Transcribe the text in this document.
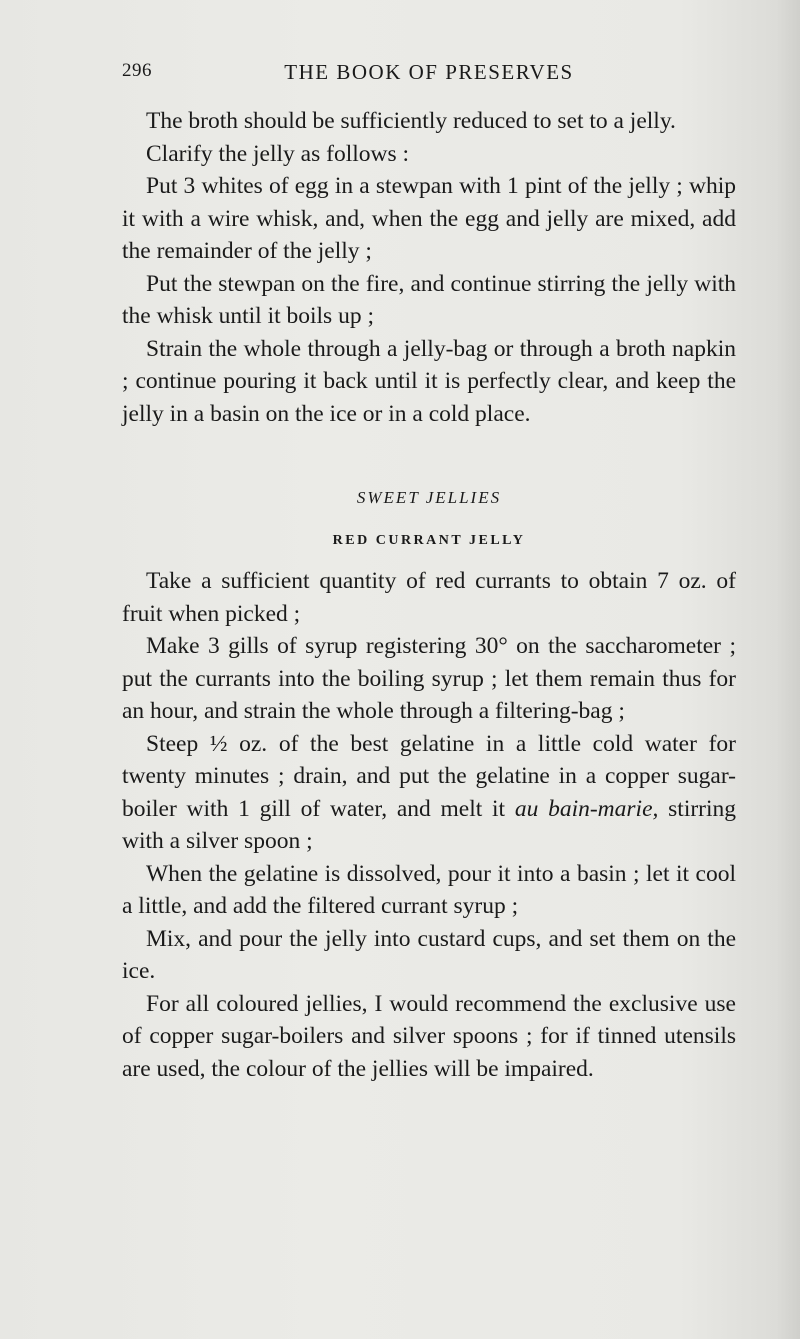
296	THE BOOK OF PRESERVES

The broth should be sufficiently reduced to set to a jelly.

Clarify the jelly as follows :

Put 3 whites of egg in a stewpan with 1 pint of the jelly ; whip it with a wire whisk, and, when the egg and jelly are mixed, add the remainder of the jelly ;

Put the stewpan on the fire, and continue stirring the jelly with the whisk until it boils up ;

Strain the whole through a jelly-bag or through a broth napkin ; continue pouring it back until it is perfectly clear, and keep the jelly in a basin on the ice or in a cold place.

SWEET JELLIES
RED CURRANT JELLY

Take a sufficient quantity of red currants to obtain 7 oz. of fruit when picked ;

Make 3 gills of syrup registering 30° on the saccharometer ; put the currants into the boiling syrup ; let them remain thus for an hour, and strain the whole through a filtering-bag ;

Steep ½ oz. of the best gelatine in a little cold water for twenty minutes ; drain, and put the gelatine in a copper sugar-boiler with 1 gill of water, and melt it au bain-marie, stirring with a silver spoon ;

When the gelatine is dissolved, pour it into a basin ; let it cool a little, and add the filtered currant syrup ;

Mix, and pour the jelly into custard cups, and set them on the ice.

For all coloured jellies, I would recommend the exclusive use of copper sugar-boilers and silver spoons ; for if tinned utensils are used, the colour of the jellies will be impaired.
